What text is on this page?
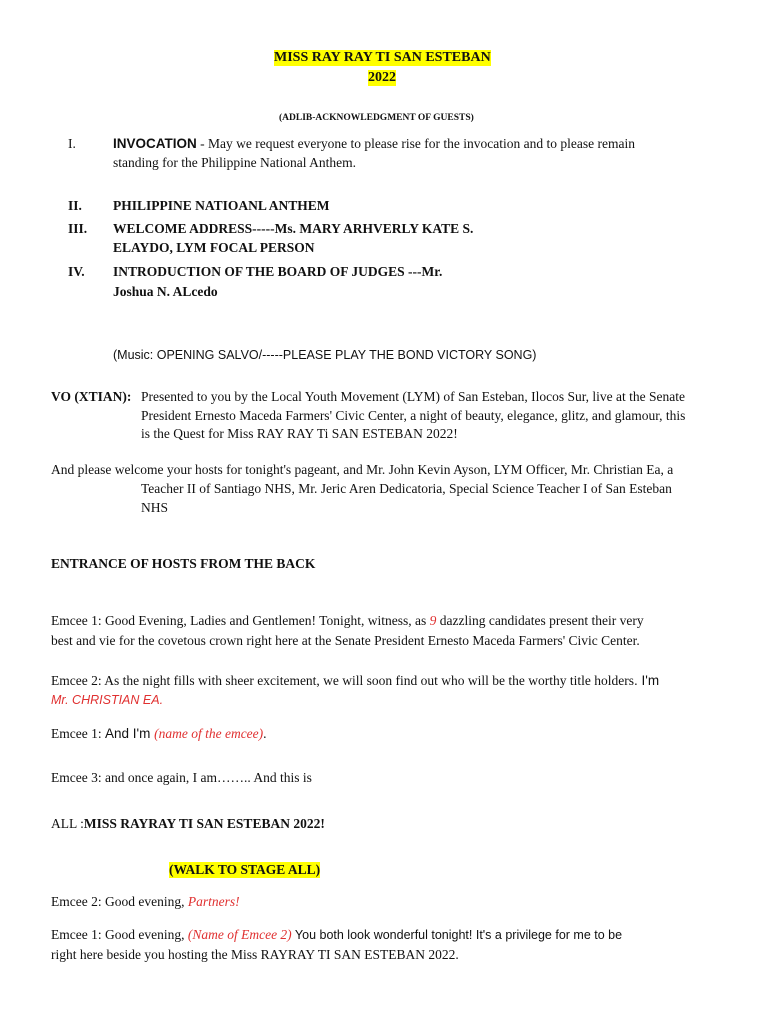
MISS RAY RAY TI SAN ESTEBAN
2022
(ADLIB-ACKNOWLEDGMENT OF GUESTS)
I.	INVOCATION - May we request everyone to please rise for the invocation and to please remain
standing for the Philippine National Anthem.
II. PHILIPPINE NATIOANL ANTHEM
III. WELCOME ADDRESS-----Ms. MARY ARHVERLY KATE S.
ELAYDO, LYM FOCAL PERSON
IV. INTRODUCTION OF THE BOARD OF JUDGES ---Mr.
Joshua N. ALcedo
(Music: OPENING SALVO/-----PLEASE PLAY THE BOND VICTORY SONG)
VO (XTIAN): Presented to you by the Local Youth Movement (LYM) of San Esteban, Ilocos Sur, live at the Senate
President Ernesto Maceda Farmers' Civic Center, a night of beauty, elegance, glitz, and glamour, this
is the Quest for Miss RAY RAY Ti SAN ESTEBAN 2022!
And please welcome your hosts for tonight's pageant, and Mr. John Kevin Ayson, LYM Officer, Mr. Christian Ea, a
Teacher II of Santiago NHS, Mr. Jeric Aren Dedicatoria, Special Science Teacher I of San Esteban
NHS
ENTRANCE OF HOSTS FROM THE BACK
Emcee 1: Good Evening, Ladies and Gentlemen! Tonight, witness, as 9 dazzling candidates present their very
best and vie for the covetous crown right here at the Senate President Ernesto Maceda Farmers' Civic Center.
Emcee 2: As the night fills with sheer excitement, we will soon find out who will be the worthy title holders. I'm
Mr. CHRISTIAN EA.
Emcee 1: And I'm (name of the emcee).
Emcee 3: and once again, I am…….. And this is
ALL :MISS RAYRAY TI SAN ESTEBAN 2022!
(WALK TO STAGE ALL)
Emcee 2: Good evening, Partners!
Emcee 1: Good evening, (Name of Emcee 2) You both look wonderful tonight! It's a privilege for me to be
right here beside you hosting the Miss RAYRAY TI SAN ESTEBAN 2022.
